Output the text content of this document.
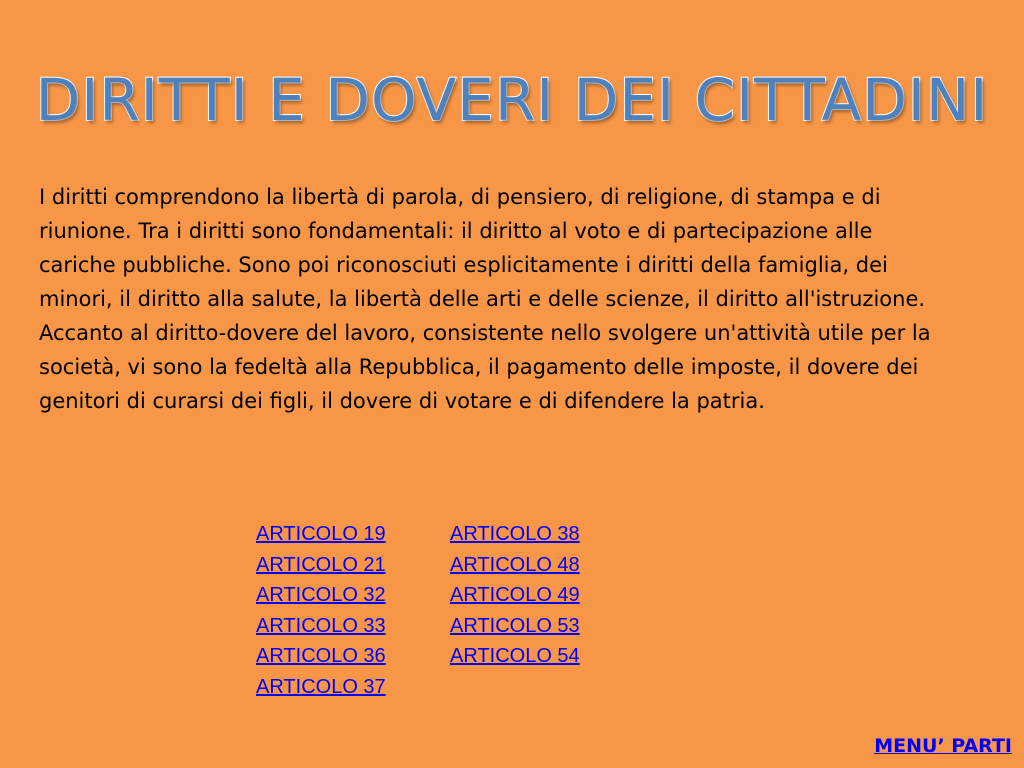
DIRITTI E DOVERI DEI CITTADINI

I diritti comprendono la libertà di parola, di pensiero, di religione, di stampa e di riunione. Tra i diritti sono fondamentali: il diritto al voto e di partecipazione alle cariche pubbliche. Sono poi riconosciuti esplicitamente i diritti della famiglia, dei minori, il diritto alla salute, la libertà delle arti e delle scienze, il diritto all'istruzione. Accanto al diritto-dovere del lavoro, consistente nello svolgere un'attività utile per la società, vi sono la fedeltà alla Repubblica, il pagamento delle imposte, il dovere dei genitori di curarsi dei figli, il dovere di votare e di difendere la patria.

ARTICOLO 19
ARTICOLO 21
ARTICOLO 32
ARTICOLO 33
ARTICOLO 36
ARTICOLO 37
ARTICOLO 38
ARTICOLO 48
ARTICOLO 49
ARTICOLO 53
ARTICOLO 54
MENU’ PARTI
